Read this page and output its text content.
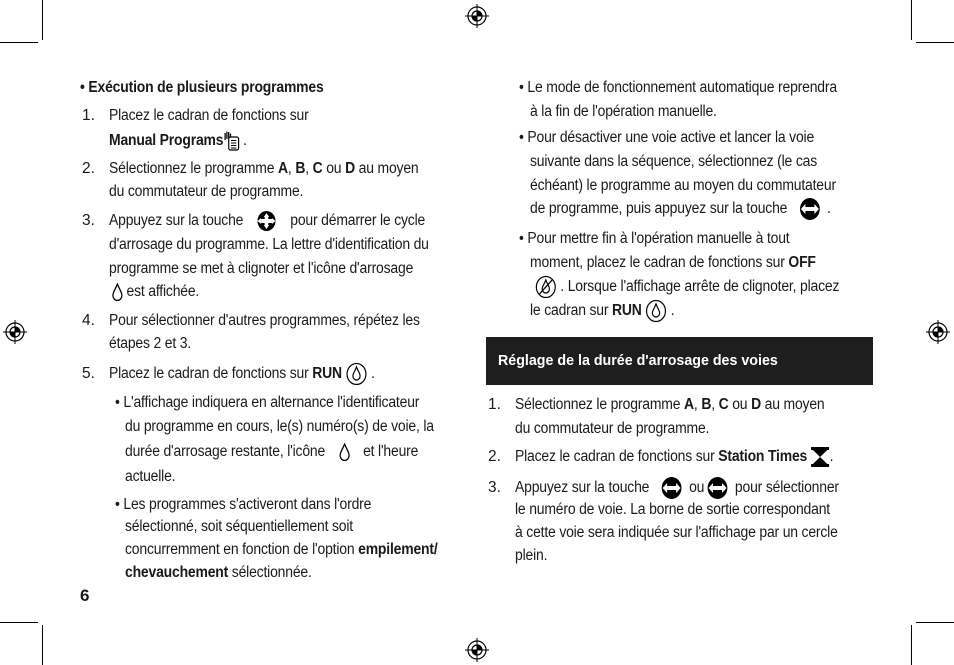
• Exécution de plusieurs programmes
1. Placez le cadran de fonctions sur
Manual Programs .
2. Sélectionnez le programme A, B, C ou D au moyen
du commutateur de programme.
3. Appuyez sur la touche	pour démarrer le cycle
d'arrosage du programme. La lettre d'identification du
programme se met à clignoter et l'icône d'arrosage
est affichée.
4. Pour sélectionner d'autres programmes, répétez les
étapes 2 et 3.
5. Placez le cadran de fonctions sur RUN .
• L'affichage indiquera en alternance l'identificateur
du programme en cours, le(s) numéro(s) de voie, la
durée d'arrosage restante, l'icône et l'heure
actuelle.
• Les programmes s'activeront dans l'ordre
sélectionné, soit séquentiellement soit
concurremment en fonction de l'option empilement/
chevauchement sélectionnée.
6
• Le mode de fonctionnement automatique reprendra
à la fin de l'opération manuelle.
• Pour désactiver une voie active et lancer la voie
suivante dans la séquence, sélectionnez (le cas
échéant) le programme au moyen du commutateur
de programme, puis appuyez sur la touche	.
• Pour mettre fin à l'opération manuelle à tout
moment, placez le cadran de fonctions sur OFF
. Lorsque l'affichage arrête de clignoter, placez
le cadran sur RUN .
Réglage de la durée d'arrosage des voies
1. Sélectionnez le programme A, B, C ou D au moyen
du commutateur de programme.
2. Placez le cadran de fonctions sur Station Times .
3. Appuyez sur la touche	ou pour sélectionner
le numéro de voie. La borne de sortie correspondant
à cette voie sera indiquée sur l'affichage par un cercle
plein.
